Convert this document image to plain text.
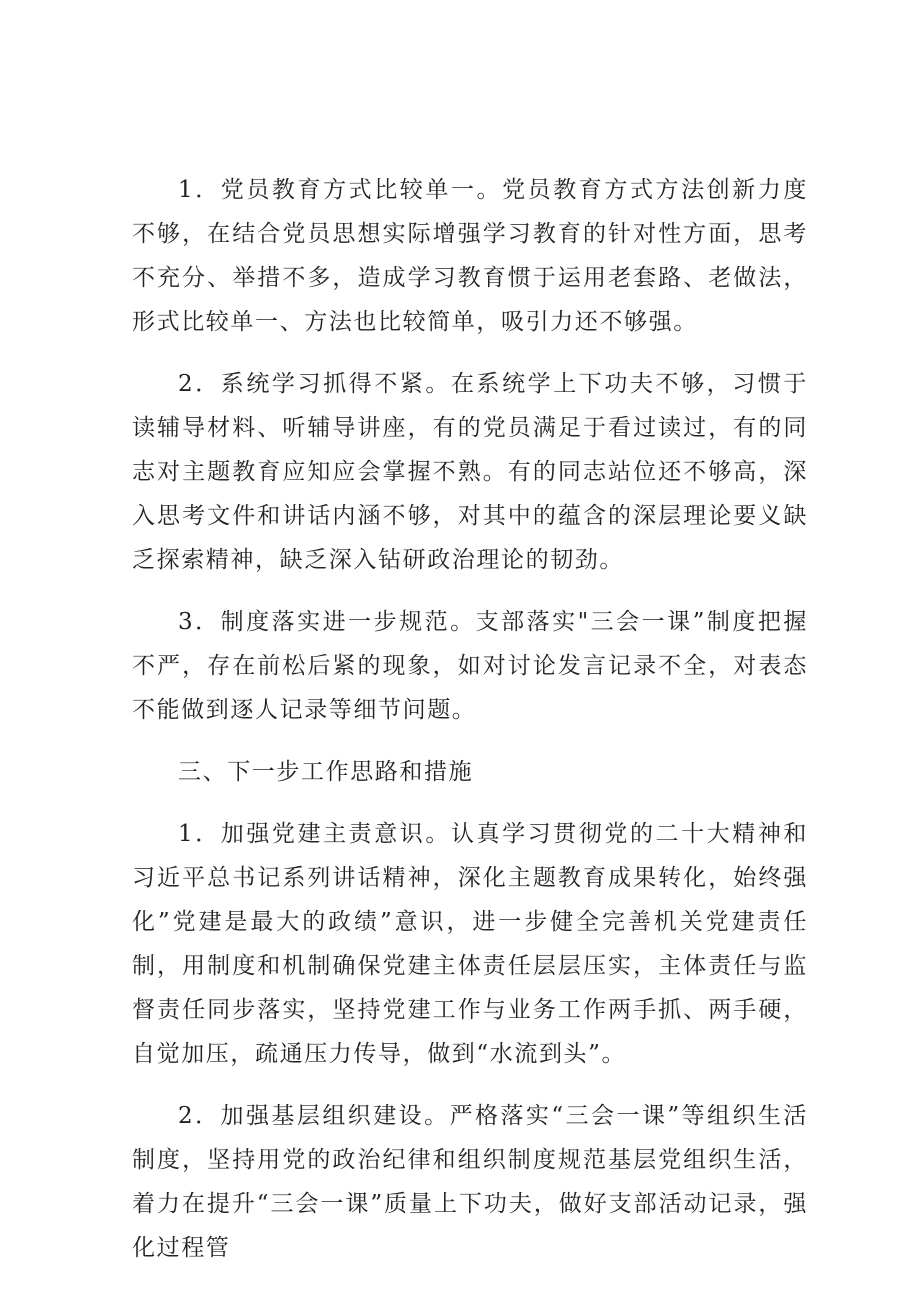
1．党员教育方式比较单一。党员教育方式方法创新力度不够，在结合党员思想实际增强学习教育的针对性方面，思考不充分、举措不多，造成学习教育惯于运用老套路、老做法，形式比较单一、方法也比较简单，吸引力还不够强。

2．系统学习抓得不紧。在系统学上下功夫不够，习惯于读辅导材料、听辅导讲座，有的党员满足于看过读过，有的同志对主题教育应知应会掌握不熟。有的同志站位还不够高，深入思考文件和讲话内涵不够，对其中的蕴含的深层理论要义缺乏探索精神，缺乏深入钻研政治理论的韧劲。

3．制度落实进一步规范。支部落实"三会一课”制度把握不严，存在前松后紧的现象，如对讨论发言记录不全，对表态不能做到逐人记录等细节问题。

三、下一步工作思路和措施

1．加强党建主责意识。认真学习贯彻党的二十大精神和习近平总书记系列讲话精神，深化主题教育成果转化，始终强化”党建是最大的政绩”意识，进一步健全完善机关党建责任制，用制度和机制确保党建主体责任层层压实，主体责任与监督责任同步落实，坚持党建工作与业务工作两手抓、两手硬，自觉加压，疏通压力传导，做到“水流到头”。

2．加强基层组织建设。严格落实“三会一课”等组织生活制度，坚持用党的政治纪律和组织制度规范基层党组织生活，着力在提升“三会一课”质量上下功夫，做好支部活动记录，强化过程管
